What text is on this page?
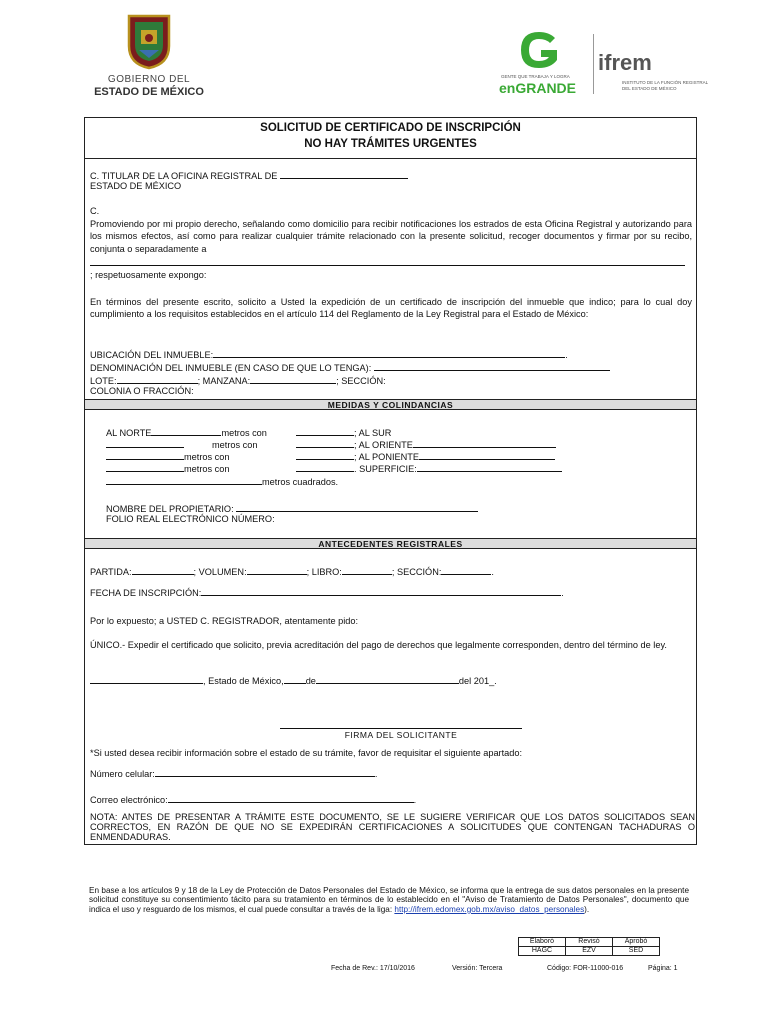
GOBIERNO DEL
ESTADO DE MÉXICO
GENTE QUE TRABAJA Y LOGRA
enGRANDE
ifrem
INSTITUTO DE LA FUNCIÓN REGISTRAL
DEL ESTADO DE MÉXICO
SOLICITUD DE CERTIFICADO DE INSCRIPCIÓN
NO HAY TRÁMITES URGENTES
C. TITULAR DE LA OFICINA REGISTRAL DE
ESTADO DE MÉXICO
C.
Promoviendo por mi propio derecho, señalando como domicilio para recibir notificaciones los estrados de esta Oficina Registral y autorizando para los mismos efectos, así como para realizar cualquier trámite relacionado con la presente solicitud, recoger documentos y firmar por su recibo, conjunta o separadamente a
; respetuosamente expongo:
En términos del presente escrito, solicito a Usted la expedición de un certificado de inscripción del inmueble que indico; para lo cual doy cumplimiento a los requisitos establecidos en el artículo 114 del Reglamento de la Ley Registral para el Estado de México:
UBICACIÓN DEL INMUEBLE:	.
DENOMINACIÓN DEL INMUEBLE (EN CASO DE QUE LO TENGA):
LOTE:	; MANZANA:	; SECCIÓN:
COLONIA O FRACCIÓN:
MEDIDAS Y COLINDANCIAS
AL NORTE	metros con	; AL SUR
metros con	; AL ORIENTE
metros con	; AL PONIENTE
metros con	. SUPERFICIE:
metros cuadrados.
NOMBRE DEL PROPIETARIO:
FOLIO REAL ELECTRÓNICO NÚMERO:
ANTECEDENTES REGISTRALES
PARTIDA:	; VOLUMEN:	; LIBRO:	; SECCIÓN:	.
FECHA DE INSCRIPCIÓN:	.
Por lo expuesto; a USTED C. REGISTRADOR, atentamente pido:
ÚNICO.- Expedir el certificado que solicito, previa acreditación del pago de derechos que legalmente corresponden, dentro del término de ley.
, Estado de México, de	del 201_.
FIRMA DEL SOLICITANTE
*Si usted desea recibir información sobre el estado de su trámite, favor de requisitar el siguiente apartado:
Número celular:	.
Correo electrónico:	.
NOTA: ANTES DE PRESENTAR A TRÁMITE ESTE DOCUMENTO, SE LE SUGIERE VERIFICAR QUE LOS DATOS SOLICITADOS SEAN CORRECTOS, EN RAZÓN DE QUE NO SE EXPEDIRÁN CERTIFICACIONES A SOLICITUDES QUE CONTENGAN TACHADURAS O ENMENDADURAS.
En base a los artículos 9 y 18 de la Ley de Protección de Datos Personales del Estado de México, se informa que la entrega de sus datos personales en la presente solicitud constituye su consentimiento tácito para su tratamiento en términos de lo establecido en el "Aviso de Tratamiento de Datos Personales", documento que indica el uso y resguardo de los mismos, el cual puede consultar a través de la liga: http://ifrem.edomex.gob.mx/aviso_datos_personales).
Elaboró	Revisó	Aprobó
HAGC	EZV	SED
Fecha de Rev.: 17/10/2016	Versión: Tercera	Código: FOR-11000-016	Página: 1
